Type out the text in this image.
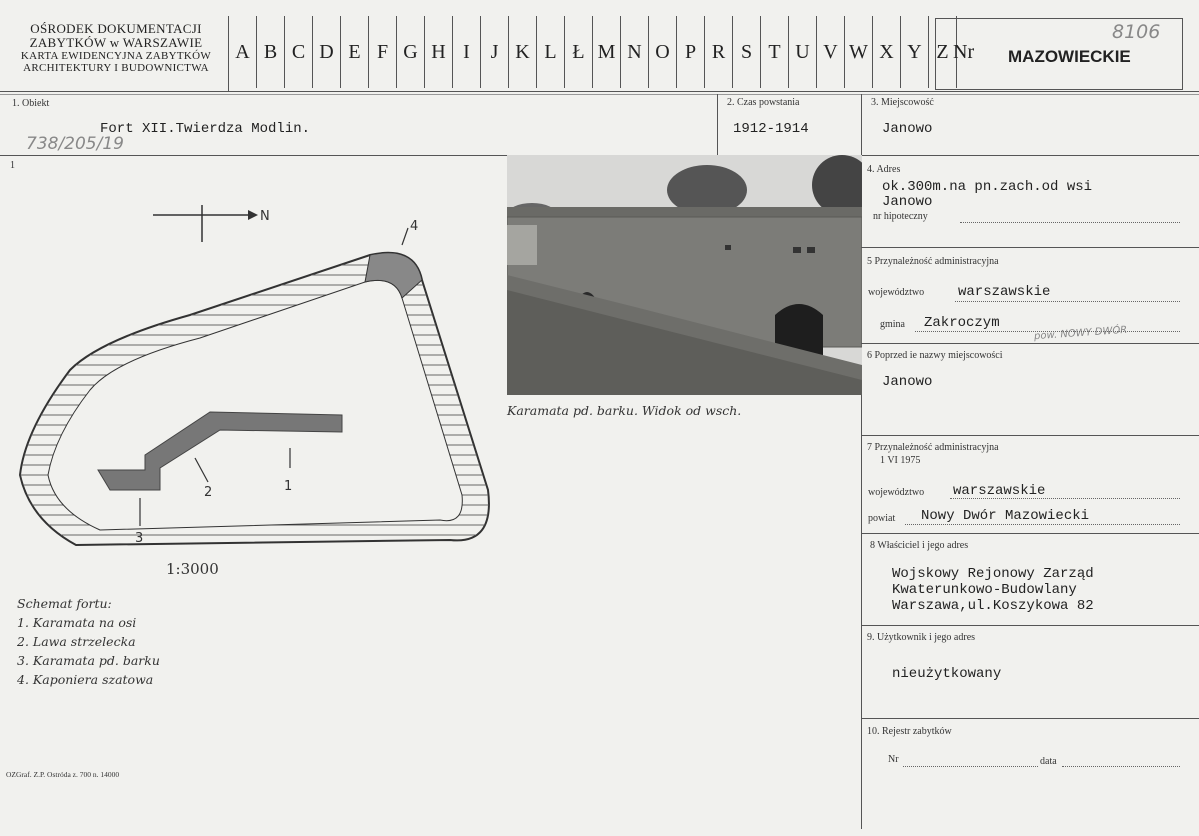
OŚRODEK DOKUMENTACJI
ZABYTKÓW w WARSZAWIE
KARTA EWIDENCYJNA ZABYTKÓW
ARCHITEKTURY I BUDOWNICTWA
A B C D E F G H I	J K L Ł M N O P R S T U V W X Y Z Nr MAZOWIECKIE
8106
1. Obiekt
Fort XII.Twierdza Modlin.
738/205/19
2. Czas powstania
1912-1914
3. Miejscowość
Janowo
1
N
4
1
2
3
1:3000
Schemat fortu:
1. Karamata na osi
2. Lawa strzelecka
3. Karamata pd. barku
4. Kaponiera szatowa
Karamata pd. barku. Widok od wsch.
4. Adres
ok.300m.na pn.zach.od wsi
Janowo
nr hipoteczny
5 Przynależność administracyjna
województwo warszawskie
gmina Zakroczym
pow. NOWY DWÓR
6 Poprzed ie nazwy miejscowości
Janowo
7 Przynależność administracyjna
1 VI 1975
województwo warszawskie
powiat Nowy Dwór Mazowiecki
8 Właściciel i jego adres
Wojskowy Rejonowy Zarząd
Kwaterunkowo-Budowlany
Warszawa,ul.Koszykowa 82
9. Użytkownik i jego adres
nieużytkowany
10. Rejestr zabytków
Nr	data
OZGraf. Z.P. Ostróda z. 700 n. 14000
